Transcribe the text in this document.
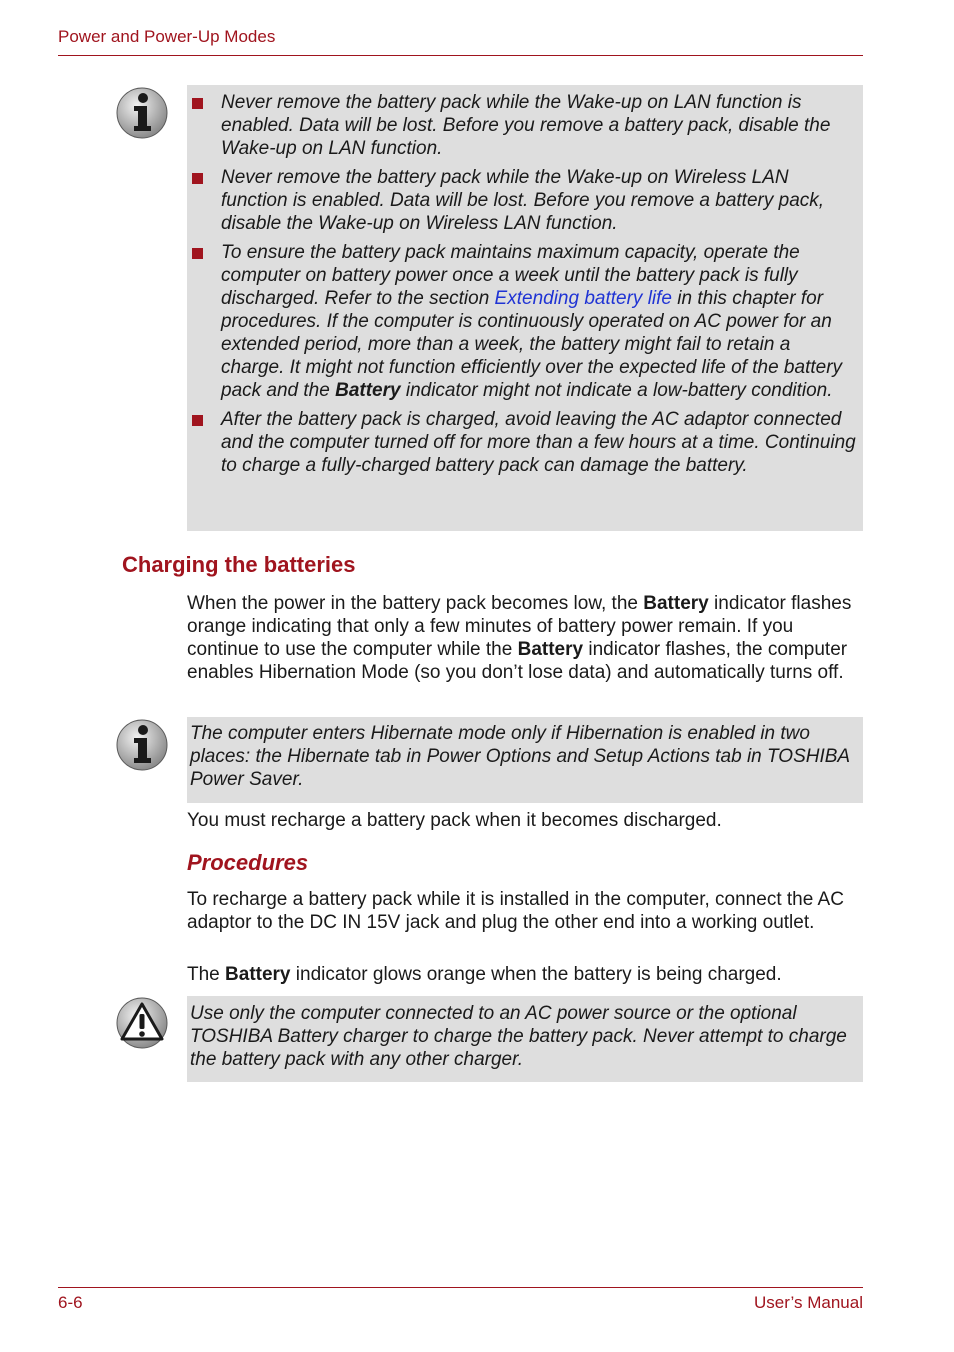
Power and Power-Up Modes
Never remove the battery pack while the Wake-up on LAN function is enabled. Data will be lost. Before you remove a battery pack, disable the Wake-up on LAN function.
Never remove the battery pack while the Wake-up on Wireless LAN function is enabled. Data will be lost. Before you remove a battery pack, disable the Wake-up on Wireless LAN function.
To ensure the battery pack maintains maximum capacity, operate the computer on battery power once a week until the battery pack is fully discharged. Refer to the section Extending battery life in this chapter for procedures. If the computer is continuously operated on AC power for an extended period, more than a week, the battery might fail to retain a charge. It might not function efficiently over the expected life of the battery pack and the Battery indicator might not indicate a low-battery condition.
After the battery pack is charged, avoid leaving the AC adaptor connected and the computer turned off for more than a few hours at a time. Continuing to charge a fully-charged battery pack can damage the battery.
Charging the batteries

When the power in the battery pack becomes low, the Battery indicator flashes orange indicating that only a few minutes of battery power remain. If you continue to use the computer while the Battery indicator flashes, the computer enables Hibernation Mode (so you don’t lose data) and automatically turns off.

The computer enters Hibernate mode only if Hibernation is enabled in two places: the Hibernate tab in Power Options and Setup Actions tab in TOSHIBA Power Saver.

You must recharge a battery pack when it becomes discharged.

Procedures

To recharge a battery pack while it is installed in the computer, connect the AC adaptor to the DC IN 15V jack and plug the other end into a working outlet.

The Battery indicator glows orange when the battery is being charged.

Use only the computer connected to an AC power source or the optional TOSHIBA Battery charger to charge the battery pack. Never attempt to charge the battery pack with any other charger.

6-6	User’s Manual
